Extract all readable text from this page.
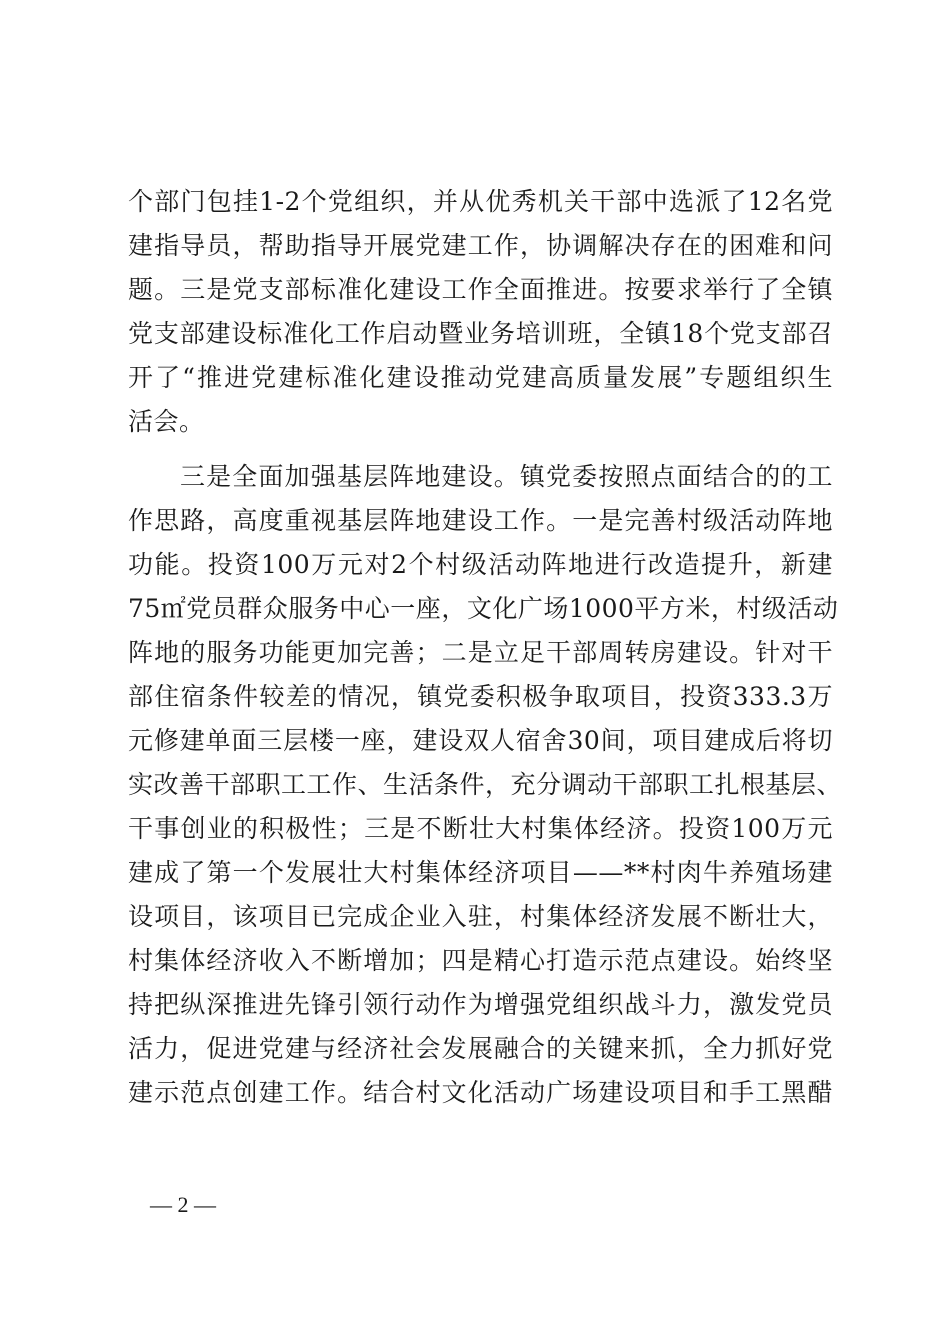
个部门包挂1-2个党组织，并从优秀机关干部中选派了12名党
建指导员，帮助指导开展党建工作，协调解决存在的困难和问
题。三是党支部标准化建设工作全面推进。按要求举行了全镇
党支部建设标准化工作启动暨业务培训班，全镇18个党支部召
开了“推进党建标准化建设推动党建高质量发展”专题组织生
活会。
三是全面加强基层阵地建设。镇党委按照点面结合的的工
作思路，高度重视基层阵地建设工作。一是完善村级活动阵地
功能。投资100万元对2个村级活动阵地进行改造提升，新建
75㎡党员群众服务中心一座，文化广场1000平方米，村级活动
阵地的服务功能更加完善；二是立足干部周转房建设。针对干
部住宿条件较差的情况，镇党委积极争取项目，投资333.3万
元修建单面三层楼一座，建设双人宿舍30间，项目建成后将切
实改善干部职工工作、生活条件，充分调动干部职工扎根基层、
干事创业的积极性；三是不断壮大村集体经济。投资100万元
建成了第一个发展壮大村集体经济项目——**村肉牛养殖场建
设项目，该项目已完成企业入驻，村集体经济发展不断壮大，
村集体经济收入不断增加；四是精心打造示范点建设。始终坚
持把纵深推进先锋引领行动作为增强党组织战斗力，激发党员
活力，促进党建与经济社会发展融合的关键来抓，全力抓好党
建示范点创建工作。结合村文化活动广场建设项目和手工黑醋
— 2 —
